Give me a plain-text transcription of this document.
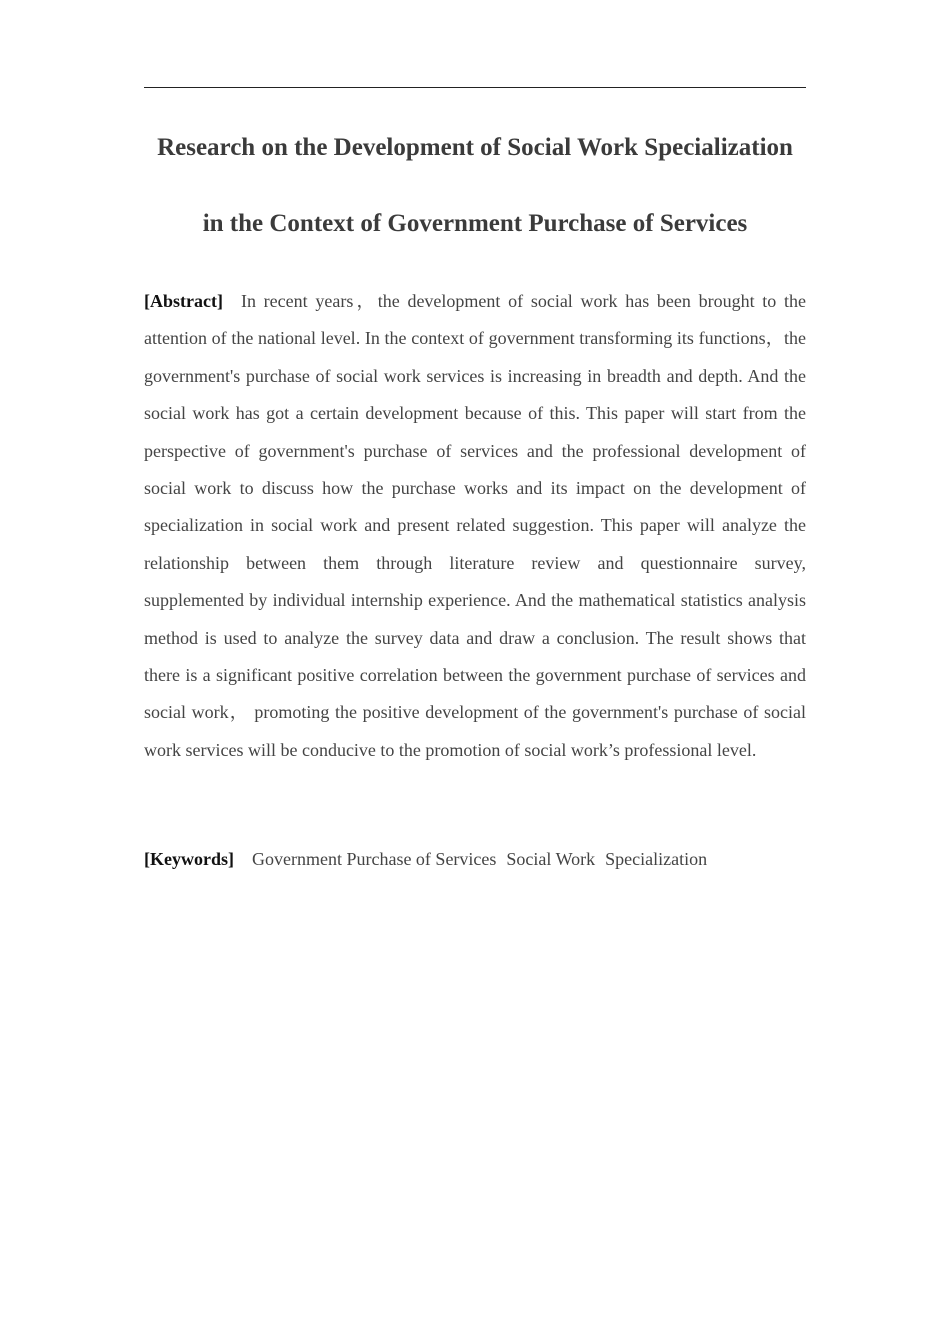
Research on the Development of Social Work Specialization
in the Context of Government Purchase of Services
[Abstract] In recent years，the development of social work has been brought to the attention of the national level. In the context of government transforming its functions，the government's purchase of social work services is increasing in breadth and depth. And the social work has got a certain development because of this. This paper will start from the perspective of government's purchase of services and the professional development of social work to discuss how the purchase works and its impact on the development of specialization in social work and present related suggestion. This paper will analyze the relationship between them through literature review and questionnaire survey, supplemented by individual internship experience. And the mathematical statistics analysis method is used to analyze the survey data and draw a conclusion. The result shows that there is a significant positive correlation between the government purchase of services and social work， promoting the positive development of the government's purchase of social work services will be conducive to the promotion of social work’s professional level.
[Keywords] Government Purchase of Services Social Work Specialization
